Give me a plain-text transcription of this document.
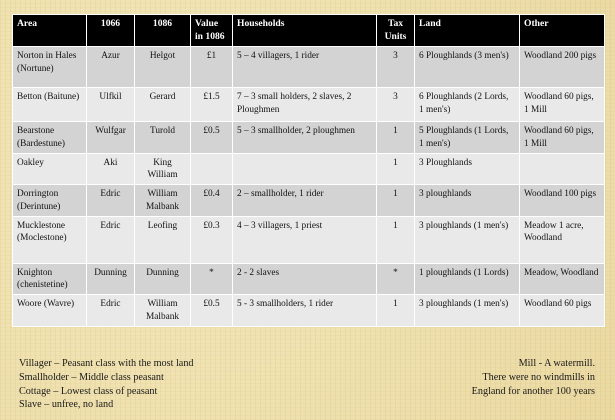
Area	1066	1086	Value in 1086	Households	Tax Units	Land	Other
Norton in Hales (Nortune)	Azur	Helgot	£1	5 – 4 villagers, 1 rider	3	6 Ploughlands (3 men's)	Woodland 200 pigs
Betton (Baitune)	Ulfkil	Gerard	£1.5	7 – 3 small holders, 2 slaves, 2 Ploughmen	3	6 Ploughlands (2 Lords, 1 men's)	Woodland 60 pigs, 1 Mill
Bearstone (Bardestune)	Wulfgar	Turold	£0.5	5 – 3 smallholder, 2 ploughmen	1	5 Ploughlands (1 Lords, 1 men's)	Woodland 60 pigs, 1 Mill
Oakley	Aki	King William			1	3 Ploughlands	
Dorrington (Derintune)	Edric	William Malbank	£0.4	2 – smallholder, 1 rider	1	3 ploughlands	Woodland 100 pigs
Mucklestone (Moclestone)	Edric	Leofing	£0.3	4 – 3 villagers, 1 priest	1	3 ploughlands (1 men's)	Meadow 1 acre, Woodland
Knighton (chenistetine)	Dunning	Dunning	*	2 - 2 slaves	*	1 ploughlands (1 Lords)	Meadow, Woodland
Woore (Wavre)	Edric	William Malbank	£0.5	5 - 3 smallholders, 1 rider	1	3 ploughlands (1 men's)	Woodland 60 pigs
Villager – Peasant class with the most land
Smallholder – Middle class peasant
Cottage – Lowest class of peasant
Slave – unfree, no land
Mill - A watermill.
There were no windmills in
England for another 100 years
